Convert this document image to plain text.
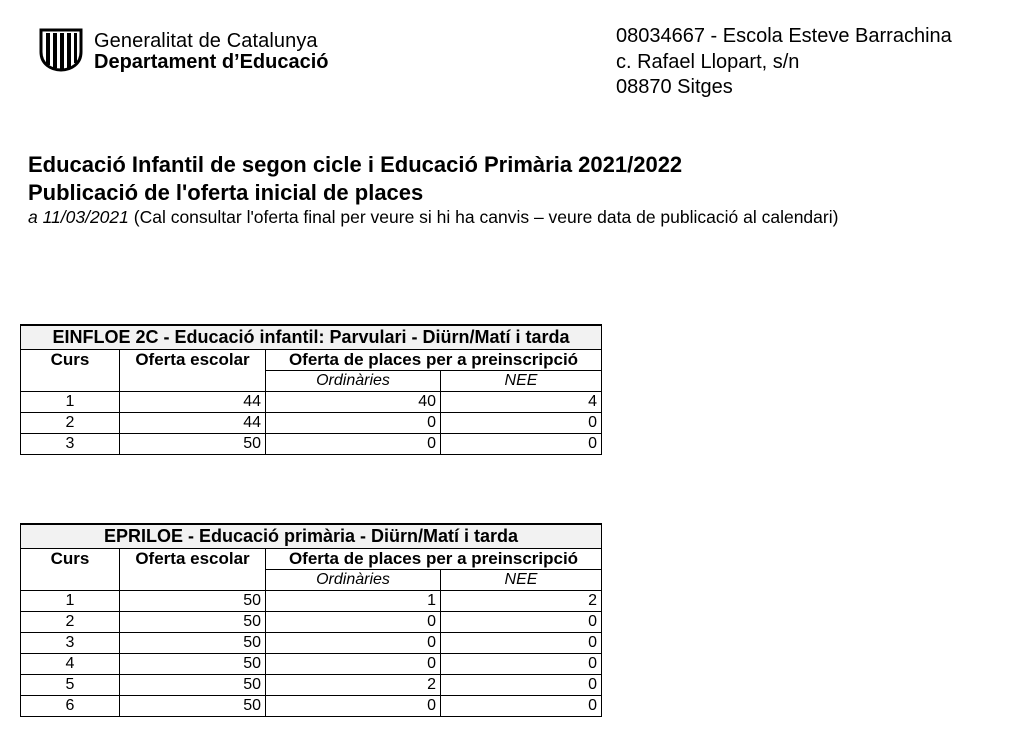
Generalitat de Catalunya
Departament d’Educació
08034667 - Escola Esteve Barrachina
c. Rafael Llopart, s/n
08870 Sitges
Educació Infantil de segon cicle i Educació Primària 2021/2022
Publicació de l'oferta inicial de places
a 11/03/2021 (Cal consultar l'oferta final per veure si hi ha canvis – veure data de publicació al calendari)
EINFLOE 2C - Educació infantil: Parvulari - Diürn/Matí i tarda			
Curs	Oferta escolar	Oferta de places per a preinscripció	
		Ordinàries	NEE
1	44	40	4
2	44	0	0
3	50	0	0
EPRILOE - Educació primària - Diürn/Matí i tarda			
Curs	Oferta escolar	Oferta de places per a preinscripció	
		Ordinàries	NEE
1	50	1	2
2	50	0	0
3	50	0	0
4	50	0	0
5	50	2	0
6	50	0	0
